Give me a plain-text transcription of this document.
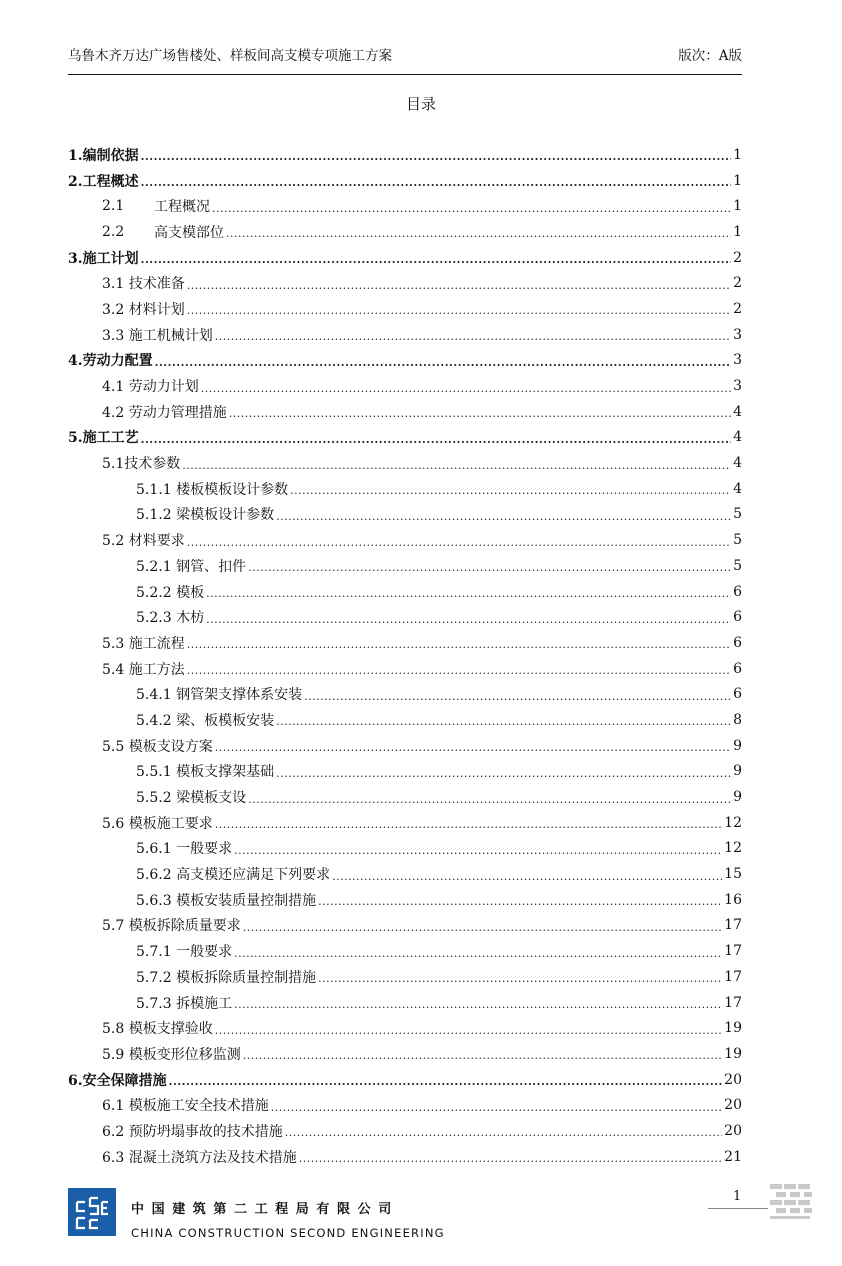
乌鲁木齐万达广场售楼处、样板间高支模专项施工方案	版次：A版
目录
1.编制依据 .....	1
2.工程概述 .....	1
2.1	工程概况 .....	1
2.2	高支模部位 .....	1
3.施工计划 .....	2
3.1 技术准备 .....	2
3.2 材料计划 .....	2
3.3 施工机械计划 .....	3
4.劳动力配置 .....	3
4.1 劳动力计划 .....	3
4.2 劳动力管理措施 .....	4
5.施工工艺 .....	4
5.1技术参数 .....	4
5.1.1 楼板模板设计参数 .....	4
5.1.2 梁模板设计参数 .....	5
5.2 材料要求 .....	5
5.2.1 钢管、扣件 .....	5
5.2.2 模板 .....	6
5.2.3 木枋 .....	6
5.3 施工流程 .....	6
5.4 施工方法 .....	6
5.4.1 钢管架支撑体系安装 .....	6
5.4.2 梁、板模板安装 .....	8
5.5 模板支设方案 .....	9
5.5.1 模板支撑架基础 .....	9
5.5.2 梁模板支设 .....	9
5.6 模板施工要求 .....	12
5.6.1 一般要求 .....	12
5.6.2 高支模还应满足下列要求 .....	15
5.6.3 模板安装质量控制措施 .....	16
5.7 模板拆除质量要求 .....	17
5.7.1 一般要求 .....	17
5.7.2 模板拆除质量控制措施 .....	17
5.7.3 拆模施工 .....	17
5.8 模板支撑验收 .....	19
5.9 模板变形位移监测 .....	19
6.安全保障措施 .....	20
6.1 模板施工安全技术措施 .....	20
6.2 预防坍塌事故的技术措施 .....	20
6.3 混凝土浇筑方法及技术措施 .....	21
中国建筑第二工程局有限公司
CHINA CONSTRUCTION SECOND ENGINEERING
1
